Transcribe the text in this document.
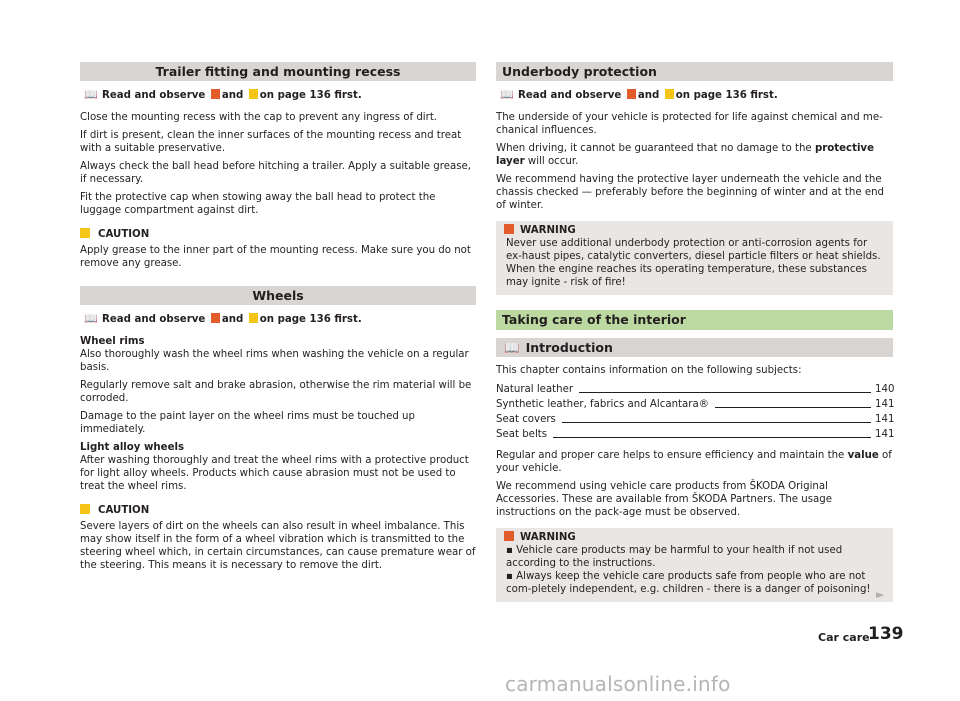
Trailer fitting and mounting recess
📖 Read and observe and on page 136 first.

Close the mounting recess with the cap to prevent any ingress of dirt.

If dirt is present, clean the inner surfaces of the mounting recess and treat with a suitable preservative.

Always check the ball head before hitching a trailer. Apply a suitable grease, if necessary.

Fit the protective cap when stowing away the ball head to protect the luggage compartment against dirt.

CAUTION

Apply grease to the inner part of the mounting recess. Make sure you do not remove any grease.

Wheels
📖 Read and observe and on page 136 first.

Wheel rims

Also thoroughly wash the wheel rims when washing the vehicle on a regular basis.

Regularly remove salt and brake abrasion, otherwise the rim material will be corroded.

Damage to the paint layer on the wheel rims must be touched up immediately.

Light alloy wheels

After washing thoroughly and treat the wheel rims with a protective product for light alloy wheels. Products which cause abrasion must not be used to treat the wheel rims.

CAUTION

Severe layers of dirt on the wheels can also result in wheel imbalance. This may show itself in the form of a wheel vibration which is transmitted to the steering wheel which, in certain circumstances, can cause premature wear of the steering. This means it is necessary to remove the dirt.

Underbody protection
📖 Read and observe and on page 136 first.

The underside of your vehicle is protected for life against chemical and me-chanical influences.

When driving, it cannot be guaranteed that no damage to the protective layer will occur.

We recommend having the protective layer underneath the vehicle and the chassis checked — preferably before the beginning of winter and at the end of winter.

WARNING
Never use additional underbody protection or anti-corrosion agents for ex-haust pipes, catalytic converters, diesel particle filters or heat shields. When the engine reaches its operating temperature, these substances may ignite - risk of fire!
Taking care of the interior
📖 Introduction

This chapter contains information on the following subjects:

Natural leather	140
Synthetic leather, fabrics and Alcantara®	141
Seat covers	141
Seat belts	141

Regular and proper care helps to ensure efficiency and maintain the value of your vehicle.

We recommend using vehicle care products from ŠKODA Original Accessories. These are available from ŠKODA Partners. The usage instructions on the pack-age must be observed.

WARNING
▪ Vehicle care products may be harmful to your health if not used according to the instructions.
▪ Always keep the vehicle care products safe from people who are not com-pletely independent, e.g. children - there is a danger of poisoning! ►
Car care
139
carmanualsonline.info
